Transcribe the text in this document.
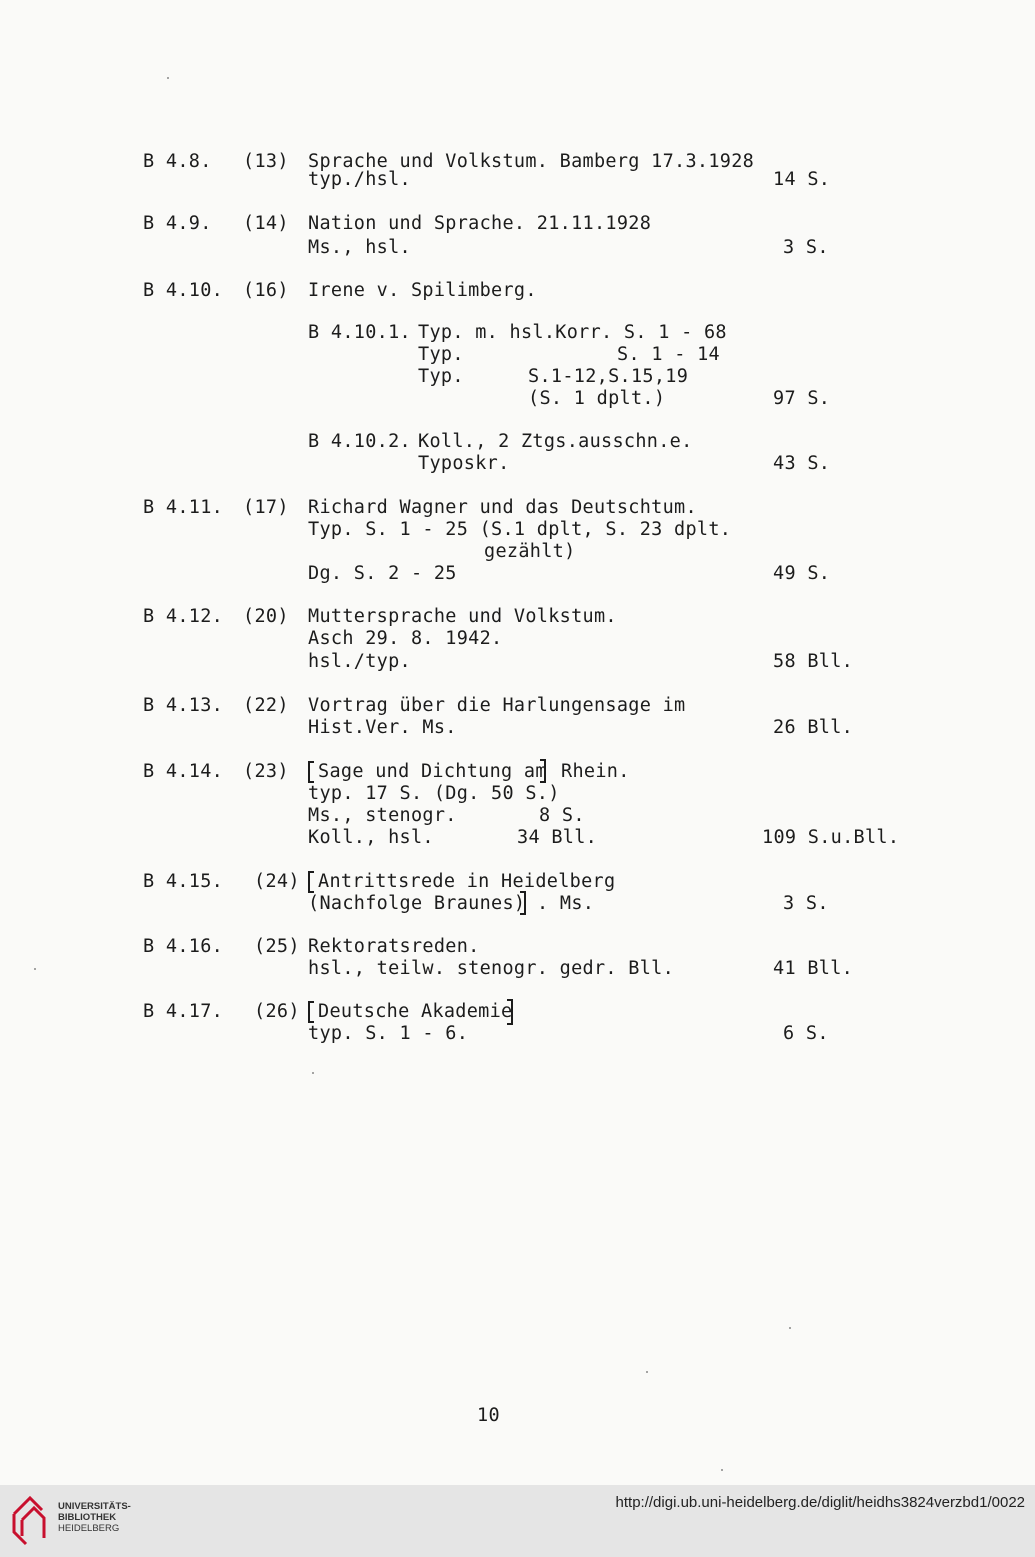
B 4.8. (13) Sprache und Volkstum. Bamberg 17.3.1928
typ./hsl.	14 S.
B 4.9. (14) Nation und Sprache. 21.11.1928
Ms., hsl.	3 S.
B 4.10. (16) Irene v. Spilimberg.
B 4.10.1. Typ. m. hsl.Korr. S. 1 - 68
Typ.	S. 1 - 14
Typ.	S.1-12,S.15,19
(S. 1 dplt.)	97 S.
B 4.10.2. Koll., 2 Ztgs.ausschn.e.
Typoskr.	43 S.
B 4.11. (17) Richard Wagner und das Deutschtum.
Typ. S. 1 - 25 (S.1 dplt, S. 23 dplt.
gezählt)
Dg. S. 2 - 25	49 S.
B 4.12. (20) Muttersprache und Volkstum.
Asch 29. 8. 1942.
hsl./typ.	58 Bll.
B 4.13. (22) Vortrag über die Harlungensage im
Hist.Ver. Ms.	26 Bll.
B 4.14. (23) Sage und Dichtung am Rhein.
typ. 17 S. (Dg. 50 S.)
Ms., stenogr.	8 S.
Koll., hsl.	34 Bll.	109 S.u.Bll.
B 4.15. (24) Antrittsrede in Heidelberg
(Nachfolge Braunes) . Ms.	3 S.
B 4.16. (25) Rektoratsreden.
hsl., teilw. stenogr. gedr. Bll.	41 Bll.
B 4.17. (26) Deutsche Akademie
typ. S. 1 - 6.	6 S.
10
UNIVERSITÄTS-
BIBLIOTHEK
HEIDELBERG
http://digi.ub.uni-heidelberg.de/diglit/heidhs3824verzbd1/0022
